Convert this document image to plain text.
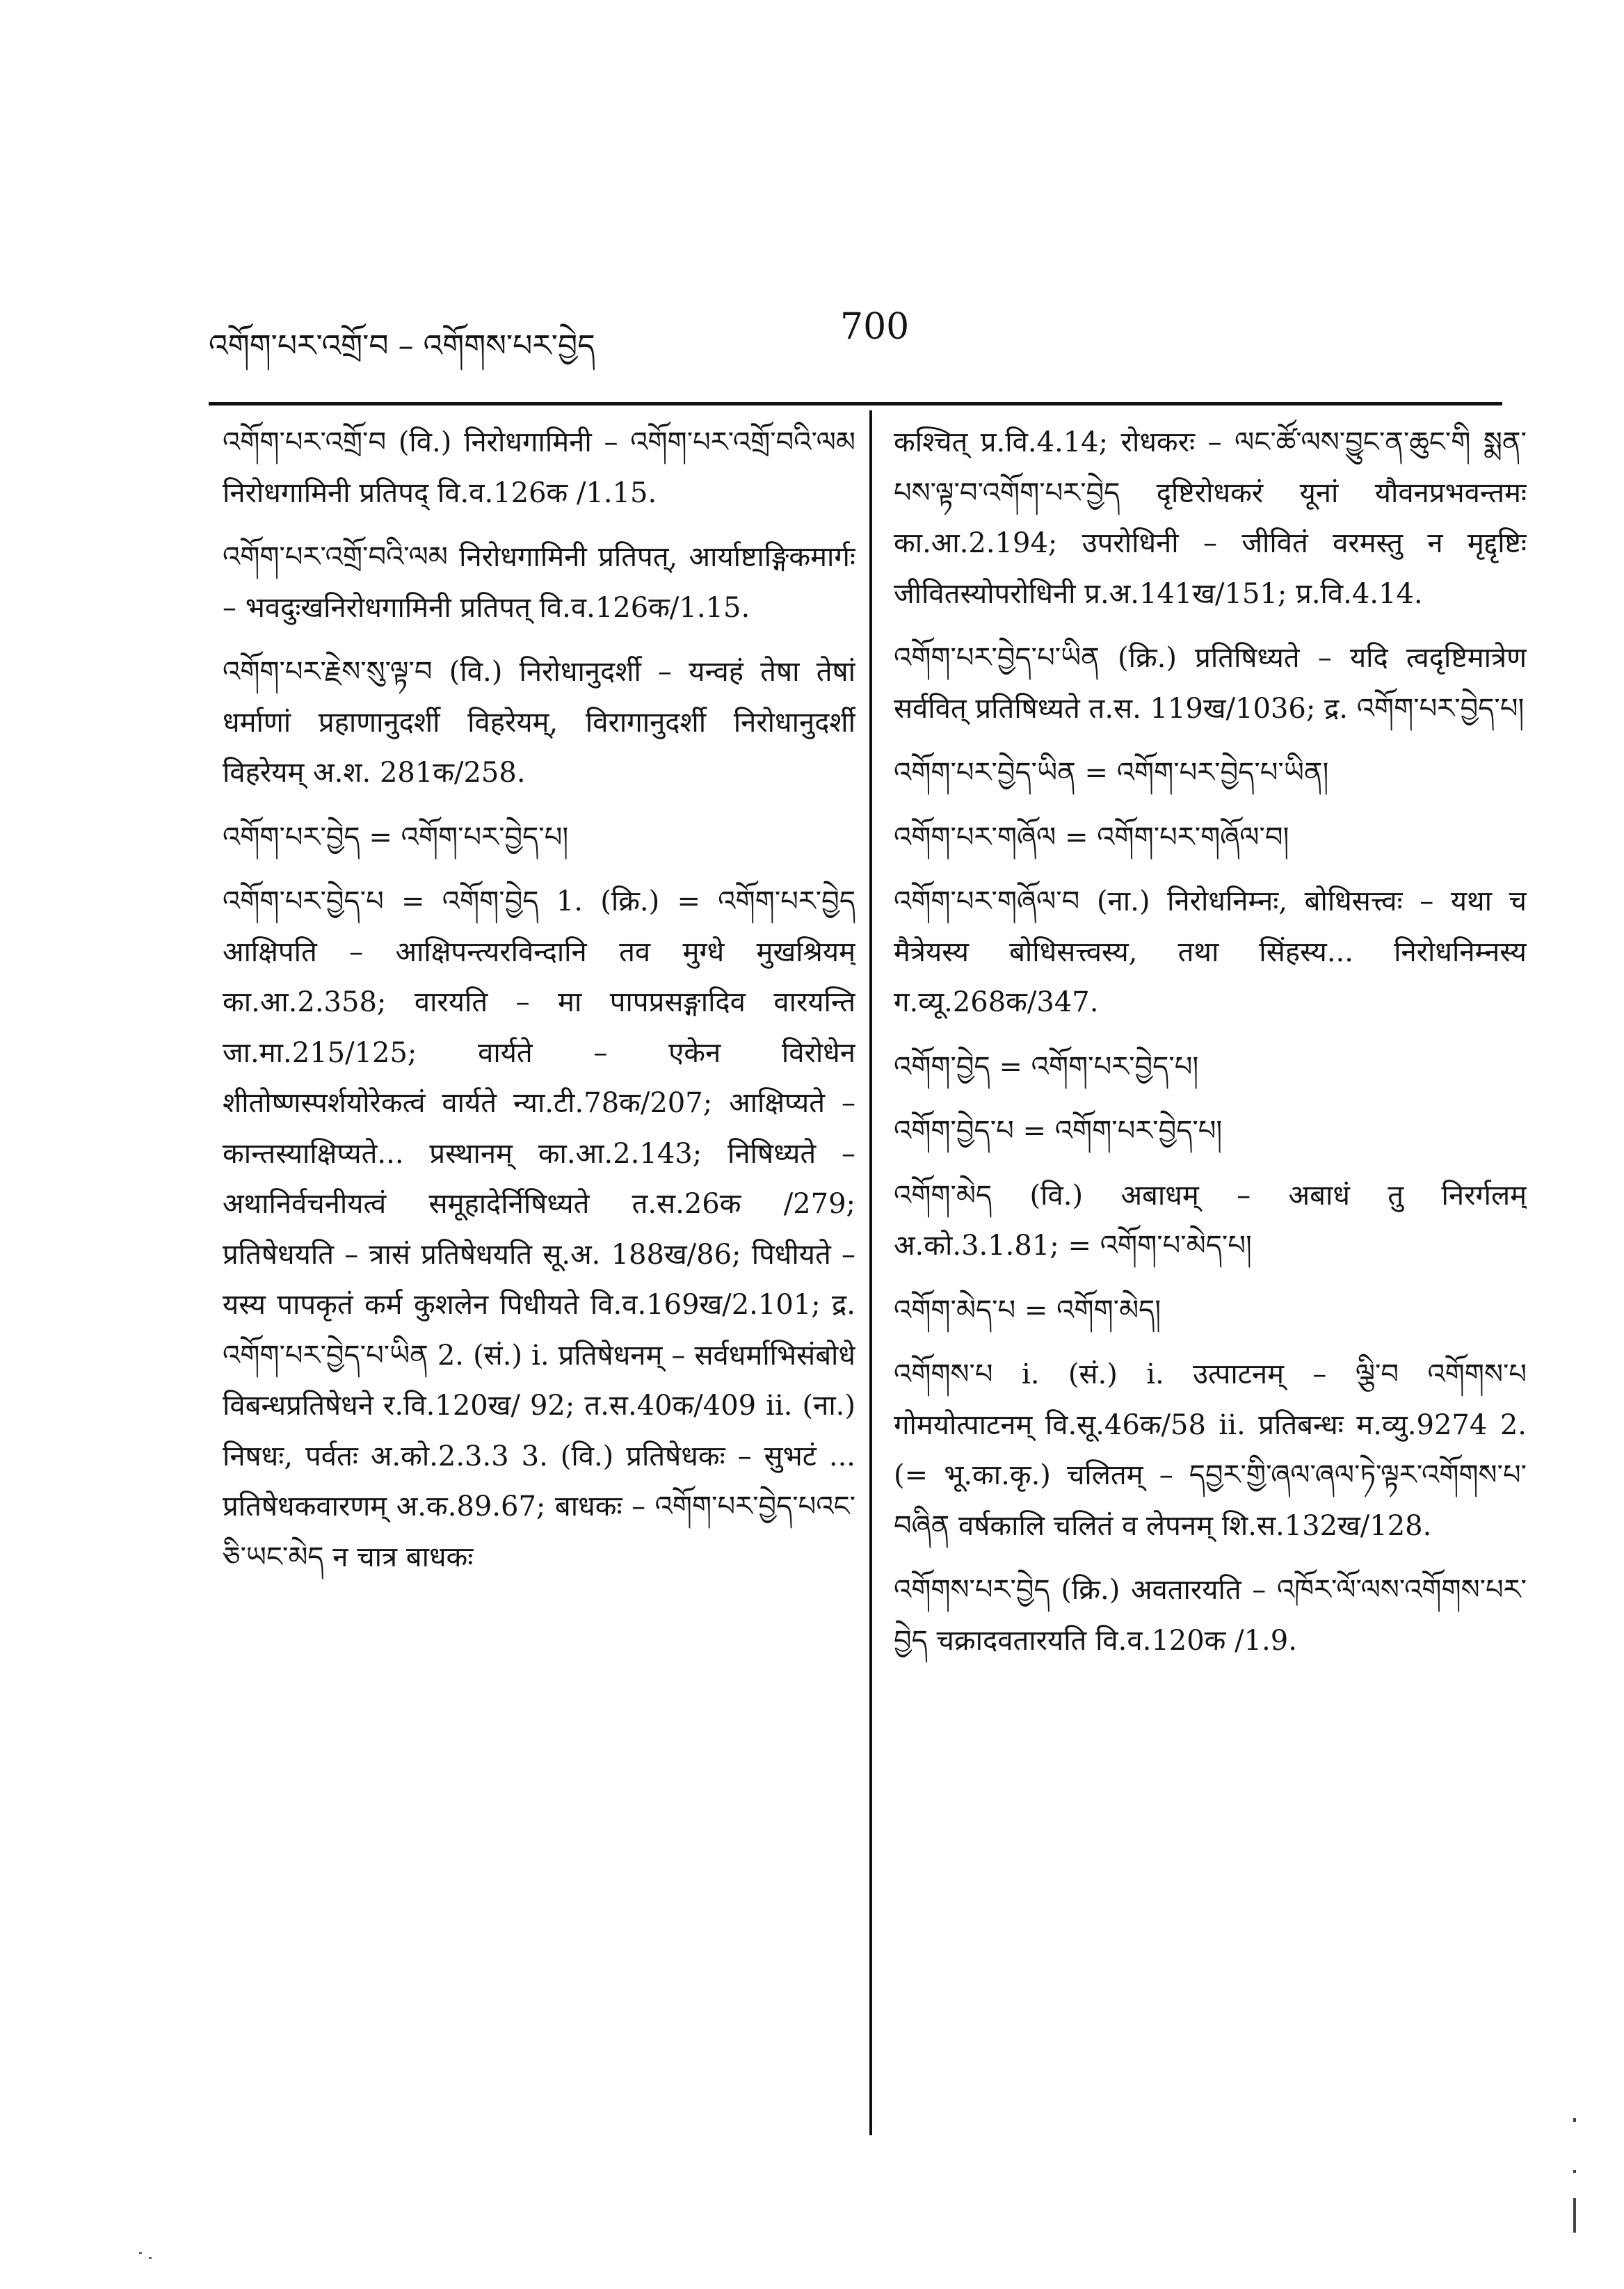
འགོག་པར་འགྲོ་བ – འགོགས་པར་བྱེད	700

འགོག་པར་འགྲོ་བ (वि.) निरोधगामिनी – འགོག་པར་འགྲོ་བའི་ལམ निरोधगामिनी प्रतिपद् वि.व.126क /1.15.

འགོག་པར་འགྲོ་བའི་ལམ निरोधगामिनी प्रतिपत्, आर्याष्टाङ्गिकमार्गः – भवदुःखनिरोधगामिनी प्रतिपत् वि.व.126क/1.15.

འགོག་པར་རྗེས་སུ་ལྟ་བ (वि.) निरोधानुदर्शी – यन्वहं तेषा तेषां धर्माणां प्रहाणानुदर्शी विहरेयम्, विरागानुदर्शी निरोधानुदर्शी विहरेयम् अ.श. 281क/258.

འགོག་པར་བྱེད = འགོག་པར་བྱེད་པ།

འགོག་པར་བྱེད་པ = འགོག་བྱེད 1. (क्रि.) = འགོག་པར་བྱེད आक्षिपति – आक्षिपन्त्यरविन्दानि तव मुग्धे मुखश्रियम् का.आ.2.358; वारयति – मा पापप्रसङ्गादिव वारयन्ति जा.मा.215/125; वार्यते – एकेन विरोधेन शीतोष्णस्पर्शयोरेकत्वं वार्यते न्या.टी.78क/207; आक्षिप्यते – कान्तस्याक्षिप्यते... प्रस्थानम् का.आ.2.143; निषिध्यते – अथानिर्वचनीयत्वं समूहादेर्निषिध्यते त.स.26क /279; प्रतिषेधयति – त्रासं प्रतिषेधयति सू.अ. 188ख/86; पिधीयते – यस्य पापकृतं कर्म कुशलेन पिधीयते वि.व.169ख/2.101; द्र. འགོག་པར་བྱེད་པ་ཡིན 2. (सं.) i. प्रतिषेधनम् – सर्वधर्माभिसंबोधे विबन्धप्रतिषेधने र.वि.120ख/ 92; त.स.40क/409 ii. (ना.) निषधः, पर्वतः अ.को.2.3.3 3. (वि.) प्रतिषेधकः – सुभटं ... प्रतिषेधकवारणम् अ.क.89.67; बाधकः – འགོག་པར་བྱེད་པའང་ཅི་ཡང་མེད न चात्र बाधकः

कश्चित् प्र.वि.4.14; रोधकरः – ལང་ཚོ་ལས་བྱུང་ན་ཆུང་གི སྨན་པས་ལྟ་བ་འགོག་པར་བྱེད दृष्टिरोधकरं यूनां यौवनप्रभवन्तमः का.आ.2.194; उपरोधिनी – जीवितं वरमस्तु न मृद्दृष्टिः जीवितस्योपरोधिनी प्र.अ.141ख/151; प्र.वि.4.14.

འགོག་པར་བྱེད་པ་ཡིན (क्रि.) प्रतिषिध्यते – यदि त्वदृष्टिमात्रेण सर्ववित् प्रतिषिध्यते त.स. 119ख/1036; द्र. འགོག་པར་བྱེད་པ།

འགོག་པར་བྱེད་ཡིན = འགོག་པར་བྱེད་པ་ཡིན།

འགོག་པར་གཞོལ = འགོག་པར་གཞོལ་བ།

འགོག་པར་གཞོལ་བ (ना.) निरोधनिम्नः, बोधिसत्त्वः – यथा च मैत्रेयस्य बोधिसत्त्वस्य, तथा सिंहस्य... निरोधनिम्नस्य ग.व्यू.268क/347.

འགོག་བྱེད = འགོག་པར་བྱེད་པ།

འགོག་བྱེད་པ = འགོག་པར་བྱེད་པ།

འགོག་མེད (वि.) अबाधम् – अबाधं तु निरर्गलम् अ.को.3.1.81; = འགོག་པ་མེད་པ།

འགོག་མེད་པ = འགོག་མེད།

འགོགས་པ i. (सं.) i. उत्पाटनम् – ལྕི་བ འགོགས་པ गोमयोत्पाटनम् वि.सू.46क/58 ii. प्रतिबन्धः म.व्यु.9274 2. (= भू.का.कृ.) चलितम् – དབྱར་གྱི་ཞལ་ཞལ་ཏེ་ལྟར་འགོགས་པ་བཞིན वर्षकालि चलितं व लेपनम् शि.स.132ख/128.

འགོགས་པར་བྱེད (क्रि.) अवतारयति – འཁོར་ལོ་ལས་འགོགས་པར་བྱེད चक्रादवतारयति वि.व.120क /1.9.
